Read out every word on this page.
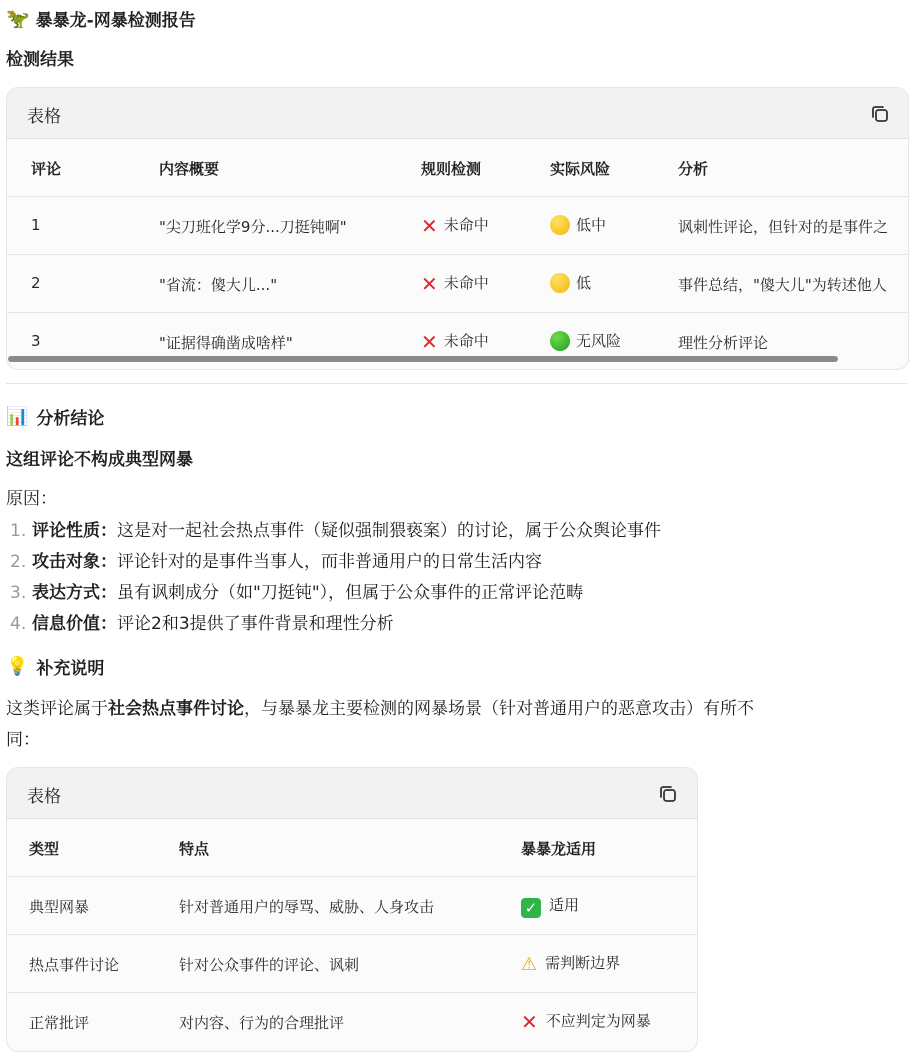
🦖 暴暴龙-网暴检测报告
检测结果
表格
评论	内容概要	规则检测	实际风险	分析
1	"尖刀班化学9分...刀挺钝啊"	✕ 未命中	低中	讽刺性评论，但针对的是事件之
2	"省流：傻大儿..."	✕ 未命中	低	事件总结，"傻大儿"为转述他人
3	"证据得确凿成啥样"	✕ 未命中	无风险	理性分析评论
📊 分析结论
这组评论不构成典型网暴
原因：
1. 评论性质：这是对一起社会热点事件（疑似强制猥亵案）的讨论，属于公众舆论事件
2. 攻击对象：评论针对的是事件当事人，而非普通用户的日常生活内容
3. 表达方式：虽有讽刺成分（如"刀挺钝"），但属于公众事件的正常评论范畴
4. 信息价值：评论2和3提供了事件背景和理性分析
💡 补充说明
这类评论属于社会热点事件讨论，与暴暴龙主要检测的网暴场景（针对普通用户的恶意攻击）有所不
同：
表格
类型	特点	暴暴龙适用
典型网暴	针对普通用户的辱骂、威胁、人身攻击	✓ 适用
热点事件讨论	针对公众事件的评论、讽刺	⚠ 需判断边界
正常批评	对内容、行为的合理批评	✕ 不应判定为网暴
